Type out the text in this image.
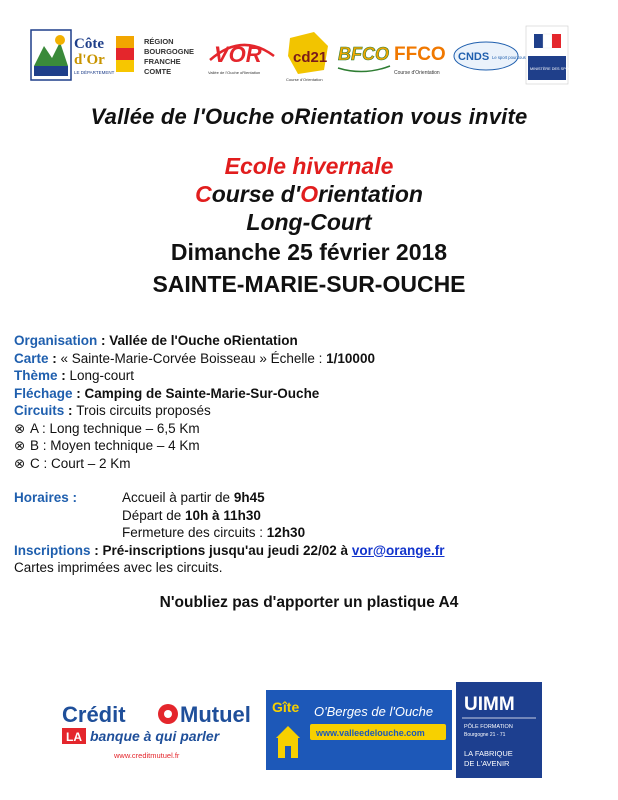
Côte
d'Or
LE DÉPARTEMENT
RÉGION
BOURGOGNE
FRANCHE
COMTE
VOR
Vallée de l'Ouche oRientation
cd21
Course d'Orientation
BFCO FFCO
Course d'Orientation
CNDS Le sport pour tous
MINISTÈRE DES SPORTS
Vallée de l'Ouche oRientation vous invite
Ecole hivernale
Course d'Orientation
Long-Court
Dimanche 25 février 2018
SAINTE-MARIE-SUR-OUCHE
Organisation : Vallée de l'Ouche oRientation
Carte : « Sainte-Marie-Corvée Boisseau » Échelle : 1/10000
Thème : Long-court
Fléchage : Camping de Sainte-Marie-Sur-Ouche
Circuits : Trois circuits proposés
⊗ A : Long technique – 6,5 Km
⊗ B : Moyen technique – 4 Km
⊗ C : Court – 2 Km
Horaires :	Accueil à partir de 9h45
Départ de 10h à 11h30
Fermeture des circuits : 12h30
Inscriptions : Pré-inscriptions jusqu'au jeudi 22/02 à vor@orange.fr
Cartes imprimées avec les circuits.
N'oubliez pas d'apporter un plastique A4
Crédit Mutuel
LA banque à qui parler
www.creditmutuel.fr
Gîte O'Berges de l'Ouche
www.valleedelouche.com
UIMM
PÔLE FORMATION
Bourgogne 21 - 71
LA FABRIQUE
DE L'AVENIR
